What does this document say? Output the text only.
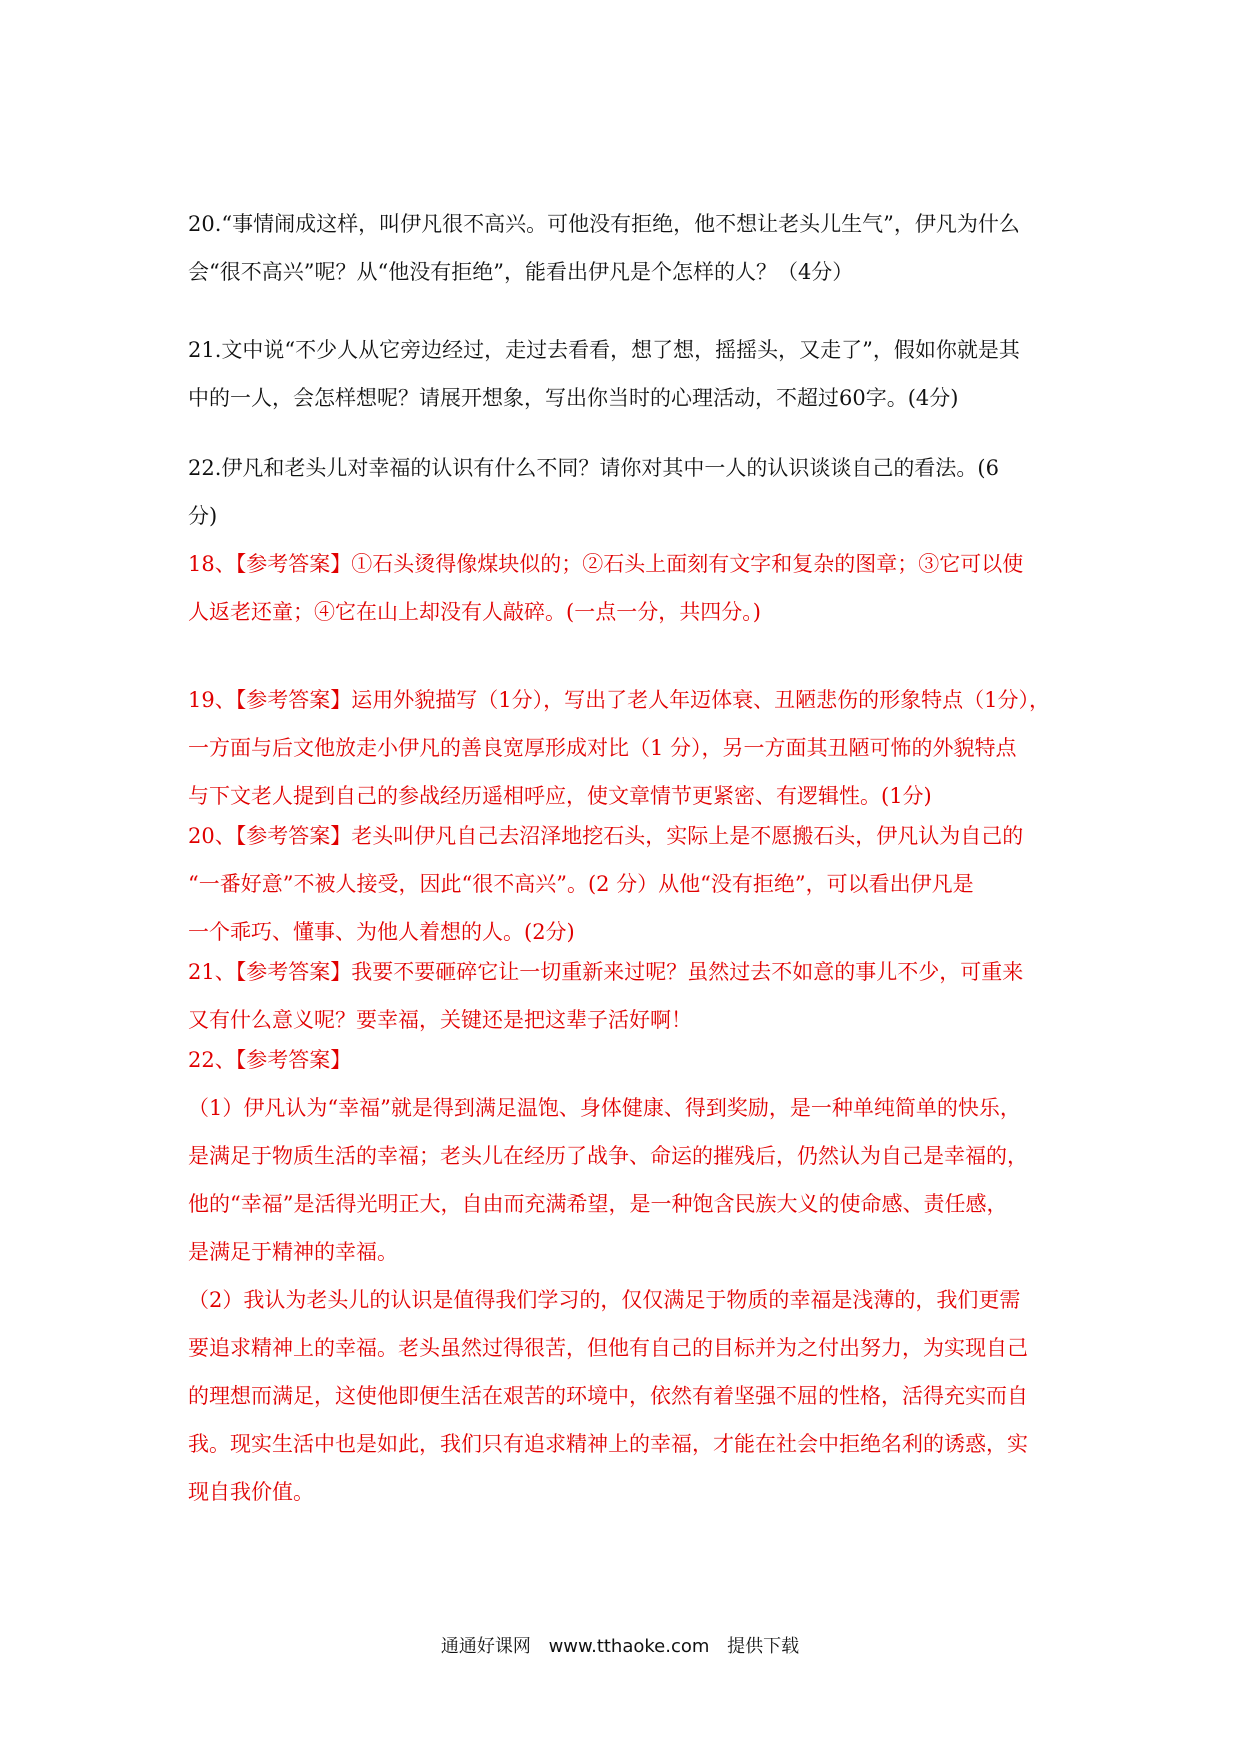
20.“事情闹成这样，叫伊凡很不高兴。可他没有拒绝，他不想让老头儿生气”，伊凡为什么
会“很不高兴”呢？从“他没有拒绝”，能看出伊凡是个怎样的人？（4分）
21.文中说“不少人从它旁边经过，走过去看看，想了想，摇摇头，又走了”，假如你就是其
中的一人，会怎样想呢？请展开想象，写出你当时的心理活动，不超过60字。(4分)
22.伊凡和老头儿对幸福的认识有什么不同？请你对其中一人的认识谈谈自己的看法。(6
分)
18、【参考答案】①石头烫得像煤块似的；②石头上面刻有文字和复杂的图章；③它可以使
人返老还童；④它在山上却没有人敲碎。(一点一分，共四分。)
19、【参考答案】运用外貌描写（1分），写出了老人年迈体衰、丑陋悲伤的形象特点（1分），
一方面与后文他放走小伊凡的善良宽厚形成对比（1 分），另一方面其丑陋可怖的外貌特点
与下文老人提到自己的参战经历遥相呼应，使文章情节更紧密、有逻辑性。(1分)
20、【参考答案】老头叫伊凡自己去沼泽地挖石头，实际上是不愿搬石头，伊凡认为自己的
“一番好意”不被人接受，因此“很不高兴”。(2 分）从他“没有拒绝”，可以看出伊凡是
一个乖巧、懂事、为他人着想的人。(2分)
21、【参考答案】我要不要砸碎它让一切重新来过呢？虽然过去不如意的事儿不少，可重来
又有什么意义呢？要幸福，关键还是把这辈子活好啊！
22、【参考答案】
（1）伊凡认为“幸福”就是得到满足温饱、身体健康、得到奖励，是一种单纯简单的快乐，
是满足于物质生活的幸福；老头儿在经历了战争、命运的摧残后，仍然认为自己是幸福的，
他的“幸福”是活得光明正大，自由而充满希望，是一种饱含民族大义的使命感、责任感，
是满足于精神的幸福。
（2）我认为老头儿的认识是值得我们学习的，仅仅满足于物质的幸福是浅薄的，我们更需
要追求精神上的幸福。老头虽然过得很苦，但他有自己的目标并为之付出努力，为实现自己
的理想而满足，这使他即便生活在艰苦的环境中，依然有着坚强不屈的性格，活得充实而自
我。现实生活中也是如此，我们只有追求精神上的幸福，才能在社会中拒绝名利的诱惑，实
现自我价值。
通通好课网 www.tthaoke.com 提供下载
